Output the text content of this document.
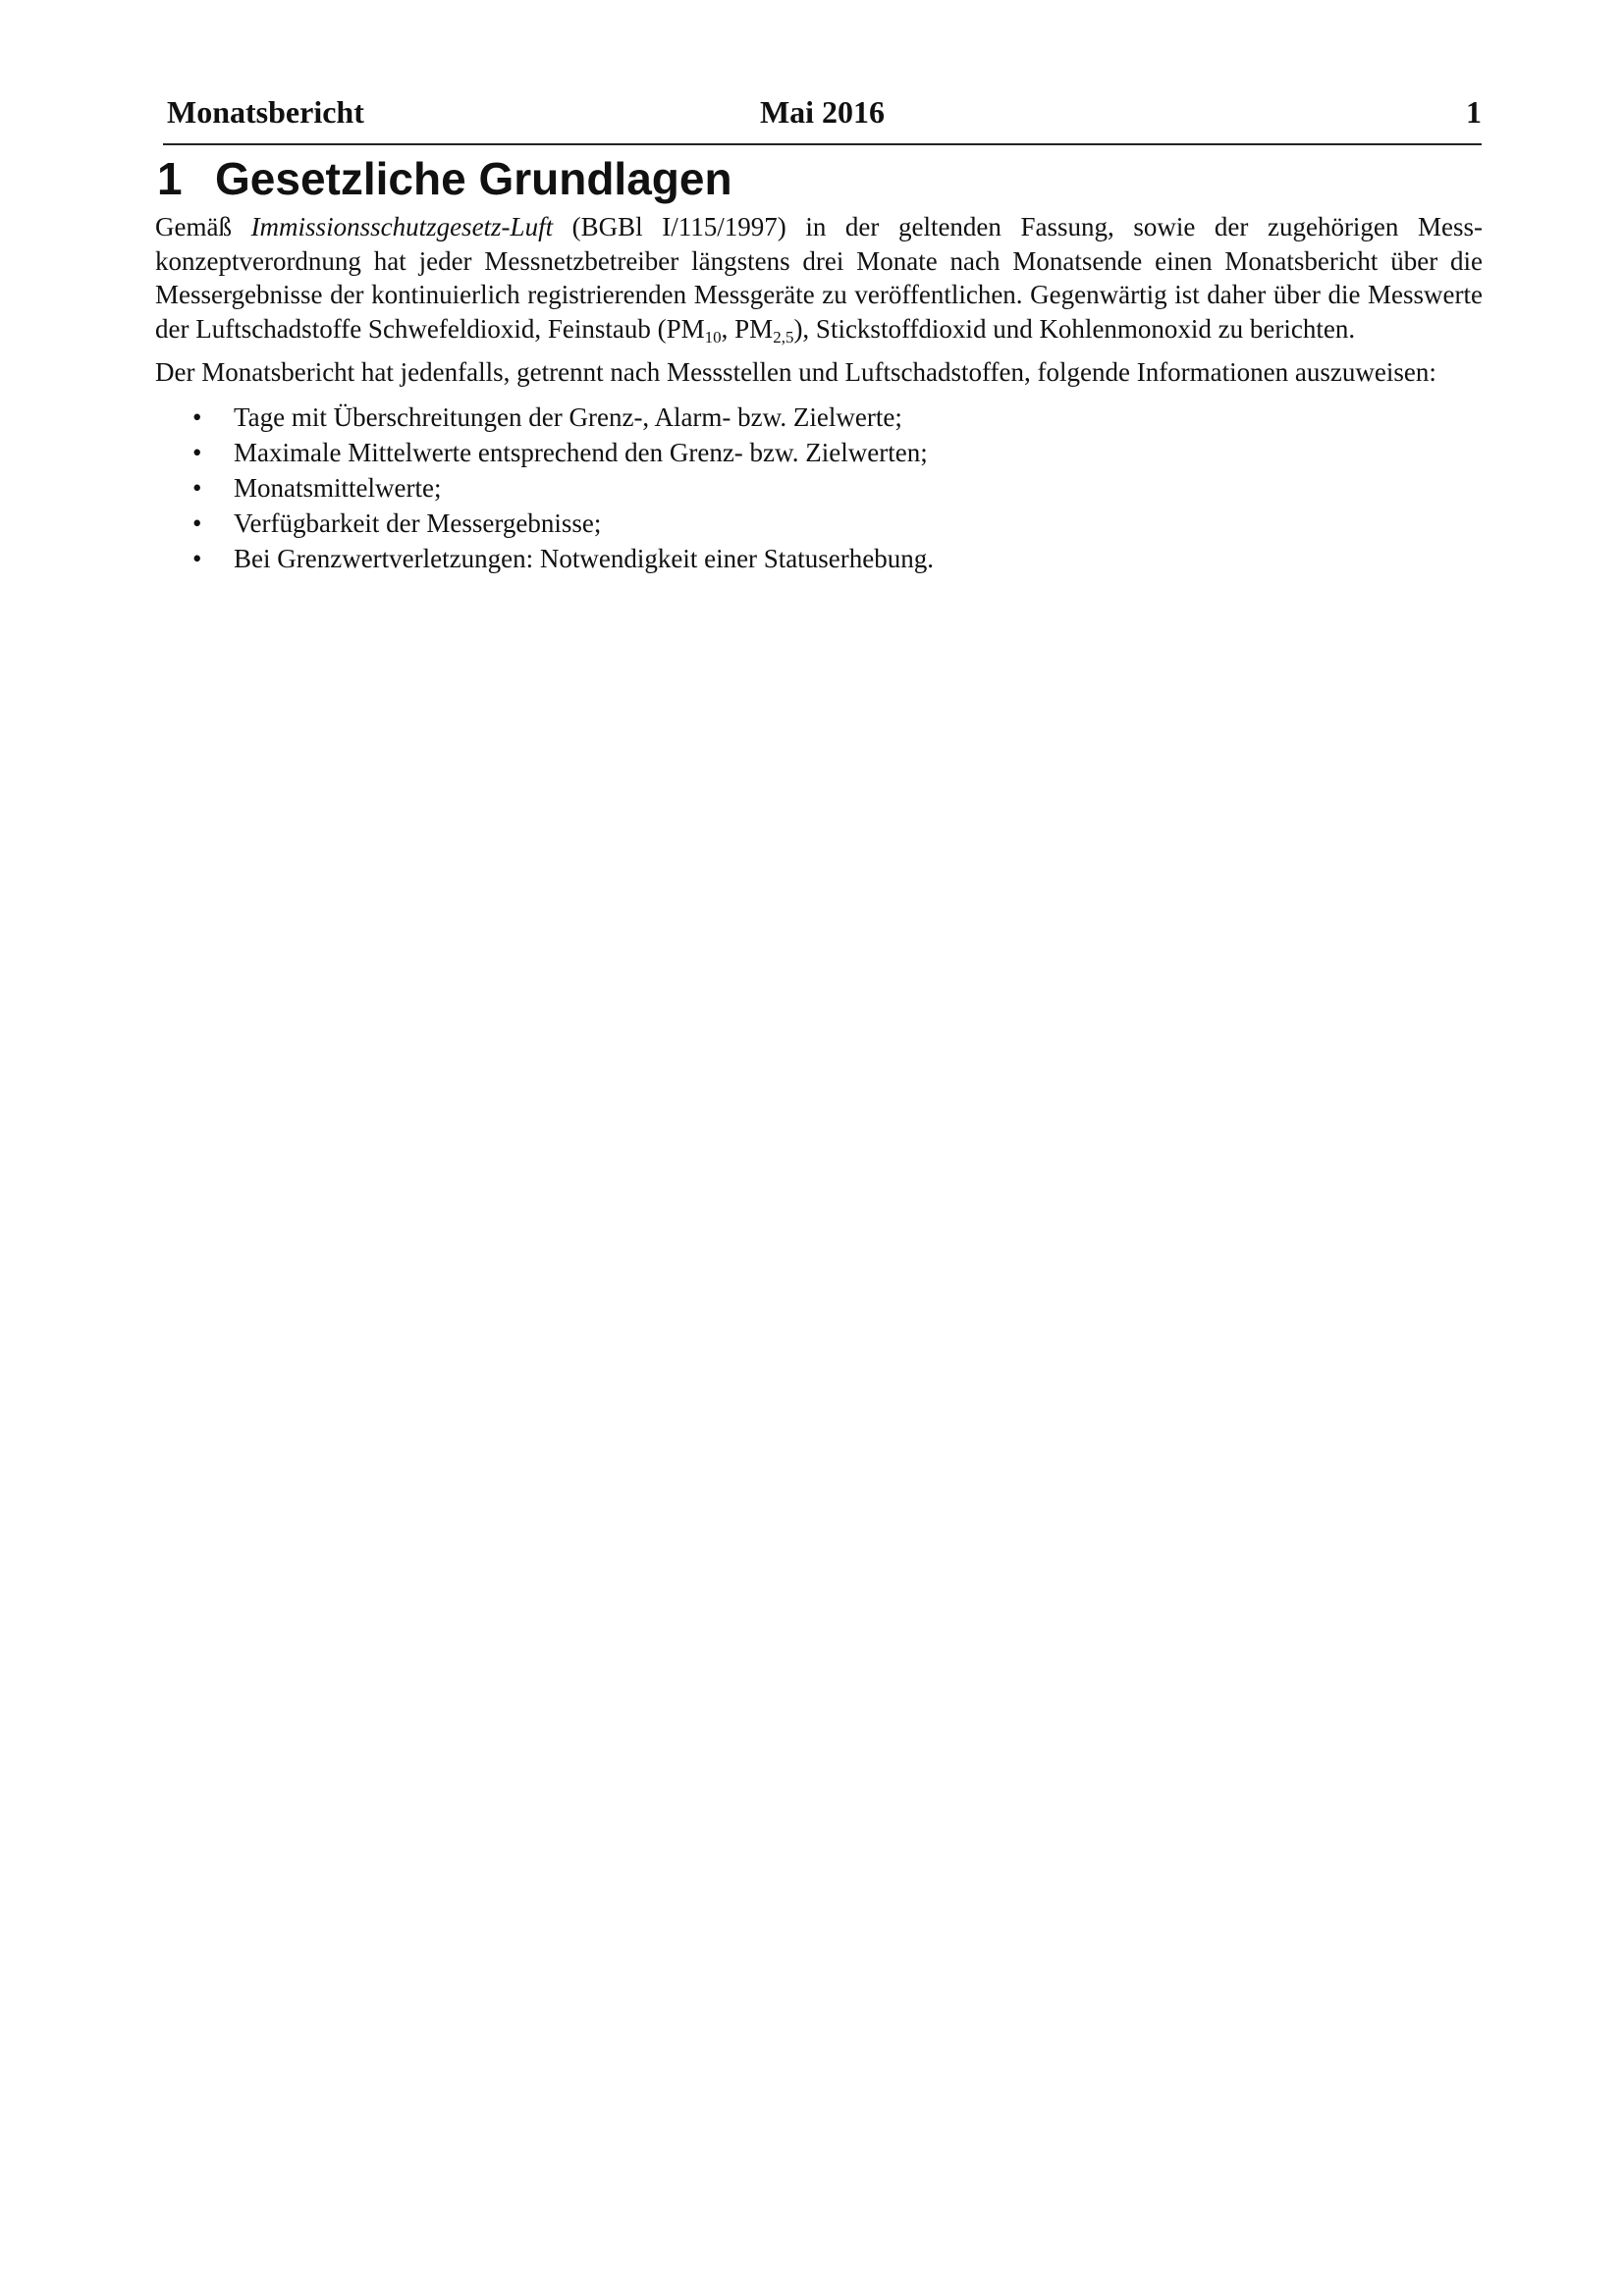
Monatsbericht	Mai 2016	1
1 Gesetzliche Grundlagen

Gemäß Immissionsschutzgesetz-Luft (BGBl I/115/1997) in der geltenden Fassung, sowie der zugehörigen Messkonzeptverordnung hat jeder Messnetzbetreiber längstens drei Monate nach Monatsende einen Monatsbericht über die Messergebnisse der kontinuierlich registrierenden Messgeräte zu veröffentlichen. Gegenwärtig ist daher über die Messwerte der Luftschadstoffe Schwefeldioxid, Feinstaub ($PM_{10}$, $PM_{2,5}$), Stickstoffdioxid und Kohlenmonoxid zu berichten.

Der Monatsbericht hat jedenfalls, getrennt nach Messstellen und Luftschadstoffen, folgende Informationen auszuweisen:

• Tage mit Überschreitungen der Grenz-, Alarm- bzw. Zielwerte;
• Maximale Mittelwerte entsprechend den Grenz- bzw. Zielwerten;
• Monatsmittelwerte;
• Verfügbarkeit der Messergebnisse;
• Bei Grenzwertverletzungen: Notwendigkeit einer Statuserhebung.
